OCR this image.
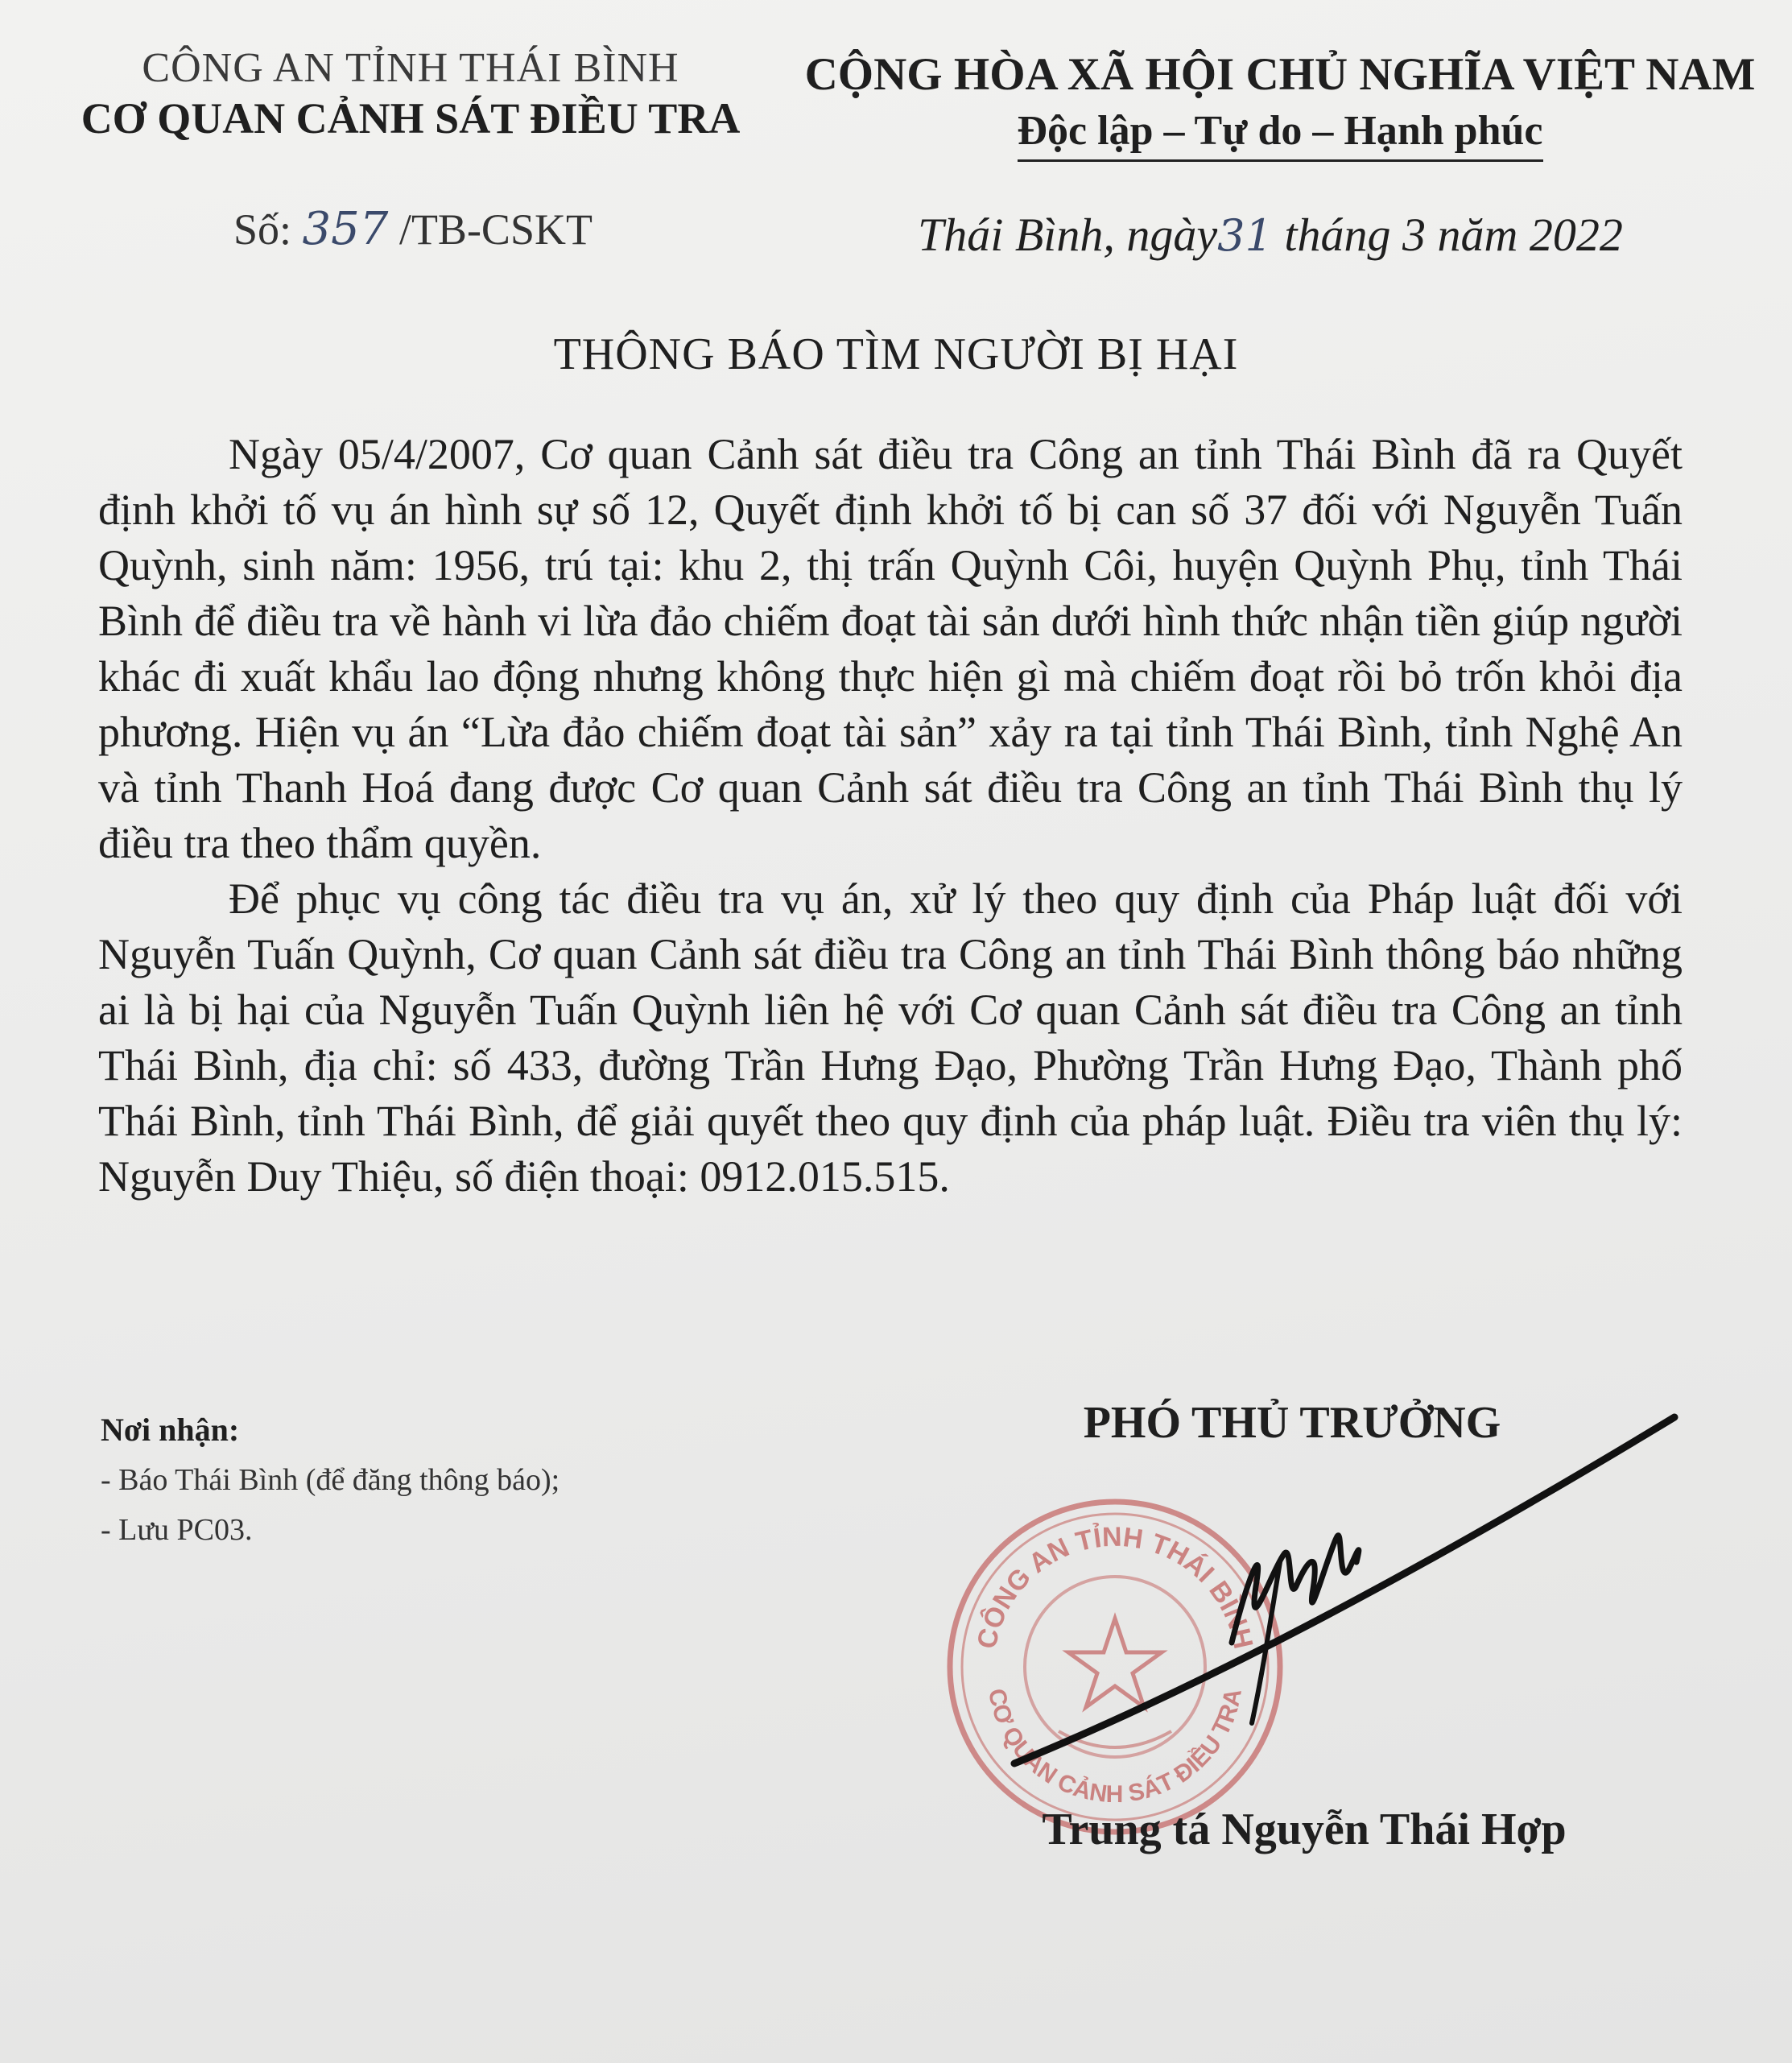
CÔNG AN TỈNH THÁI BÌNH
CƠ QUAN CẢNH SÁT ĐIỀU TRA
CỘNG HÒA XÃ HỘI CHỦ NGHĨA VIỆT NAM
Độc lập – Tự do – Hạnh phúc
Số: 357 /TB-CSKT	Thái Bình, ngày31 tháng 3 năm 2022
THÔNG BÁO TÌM NGƯỜI BỊ HẠI

Ngày 05/4/2007, Cơ quan Cảnh sát điều tra Công an tỉnh Thái Bình đã ra Quyết định khởi tố vụ án hình sự số 12, Quyết định khởi tố bị can số 37 đối với Nguyễn Tuấn Quỳnh, sinh năm: 1956, trú tại: khu 2, thị trấn Quỳnh Côi, huyện Quỳnh Phụ, tỉnh Thái Bình để điều tra về hành vi lừa đảo chiếm đoạt tài sản dưới hình thức nhận tiền giúp người khác đi xuất khẩu lao động nhưng không thực hiện gì mà chiếm đoạt rồi bỏ trốn khỏi địa phương. Hiện vụ án “Lừa đảo chiếm đoạt tài sản” xảy ra tại tỉnh Thái Bình, tỉnh Nghệ An và tỉnh Thanh Hoá đang được Cơ quan Cảnh sát điều tra Công an tỉnh Thái Bình thụ lý điều tra theo thẩm quyền.

Để phục vụ công tác điều tra vụ án, xử lý theo quy định của Pháp luật đối với Nguyễn Tuấn Quỳnh, Cơ quan Cảnh sát điều tra Công an tỉnh Thái Bình thông báo những ai là bị hại của Nguyễn Tuấn Quỳnh liên hệ với Cơ quan Cảnh sát điều tra Công an tỉnh Thái Bình, địa chỉ: số 433, đường Trần Hưng Đạo, Phường Trần Hưng Đạo, Thành phố Thái Bình, tỉnh Thái Bình, để giải quyết theo quy định của pháp luật. Điều tra viên thụ lý: Nguyễn Duy Thiệu, số điện thoại: 0912.015.515.

Nơi nhận:
- Báo Thái Bình (để đăng thông báo);
- Lưu PC03.
PHÓ THỦ TRƯỞNG
CÔNG AN TỈNH THÁI BÌNH
CƠ QUAN CẢNH SÁT ĐIỀU TRA
Trung tá Nguyễn Thái Hợp
